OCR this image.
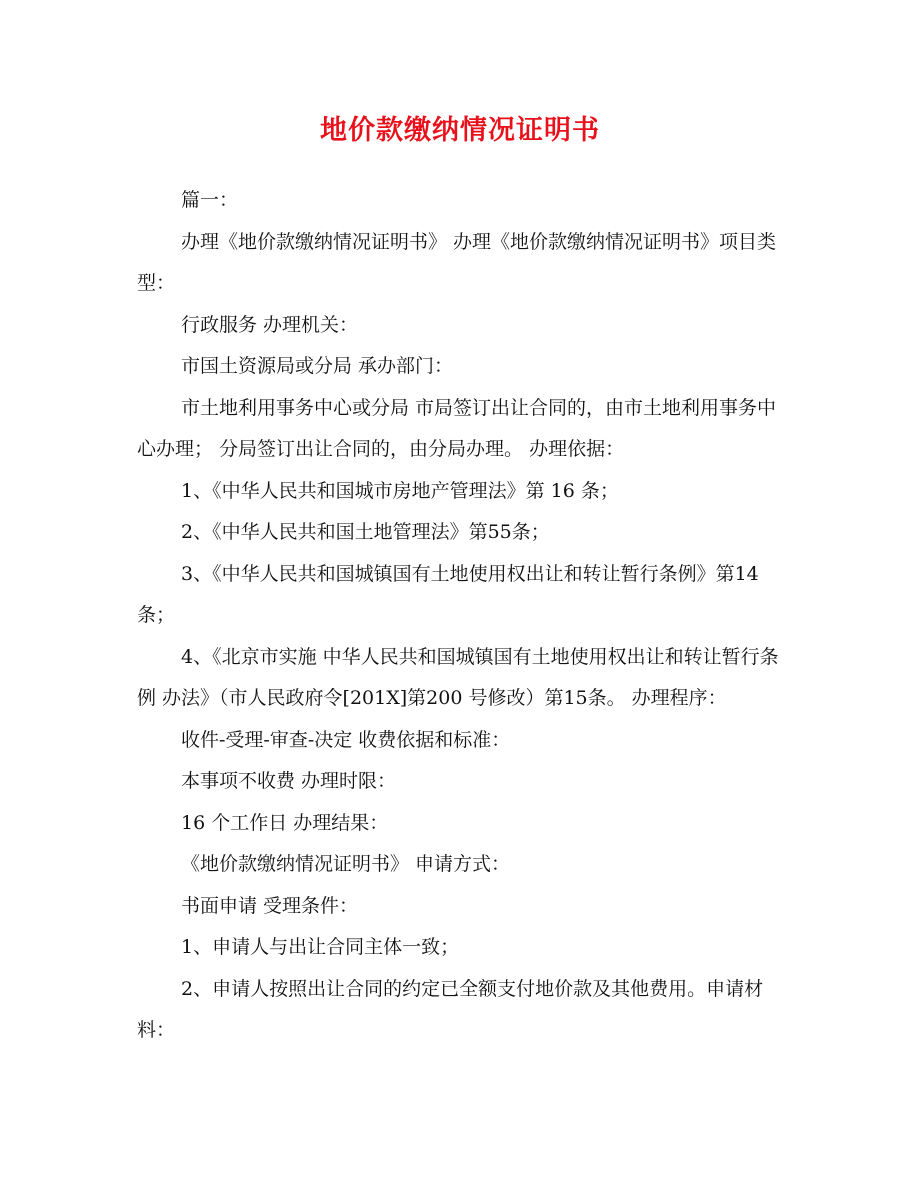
地价款缴纳情况证明书

篇一：

办理《地价款缴纳情况证明书》 办理《地价款缴纳情况证明书》项目类型：

行政服务 办理机关：

市国土资源局或分局 承办部门：

市土地利用事务中心或分局 市局签订出让合同的，由市土地利用事务中心办理； 分局签订出让合同的，由分局办理。 办理依据：

1、《中华人民共和国城市房地产管理法》第 16 条；

2、《中华人民共和国土地管理法》第55条；

3、《中华人民共和国城镇国有土地使用权出让和转让暂行条例》第14条；

4、《北京市实施 中华人民共和国城镇国有土地使用权出让和转让暂行条例 办法》（市人民政府令[201X]第200 号修改）第15条。 办理程序：

收件-受理-审查-决定 收费依据和标准：

本事项不收费 办理时限：

16 个工作日 办理结果：

《地价款缴纳情况证明书》 申请方式：

书面申请 受理条件：

1、申请人与出让合同主体一致；

2、申请人按照出让合同的约定已全额支付地价款及其他费用。申请材料：
